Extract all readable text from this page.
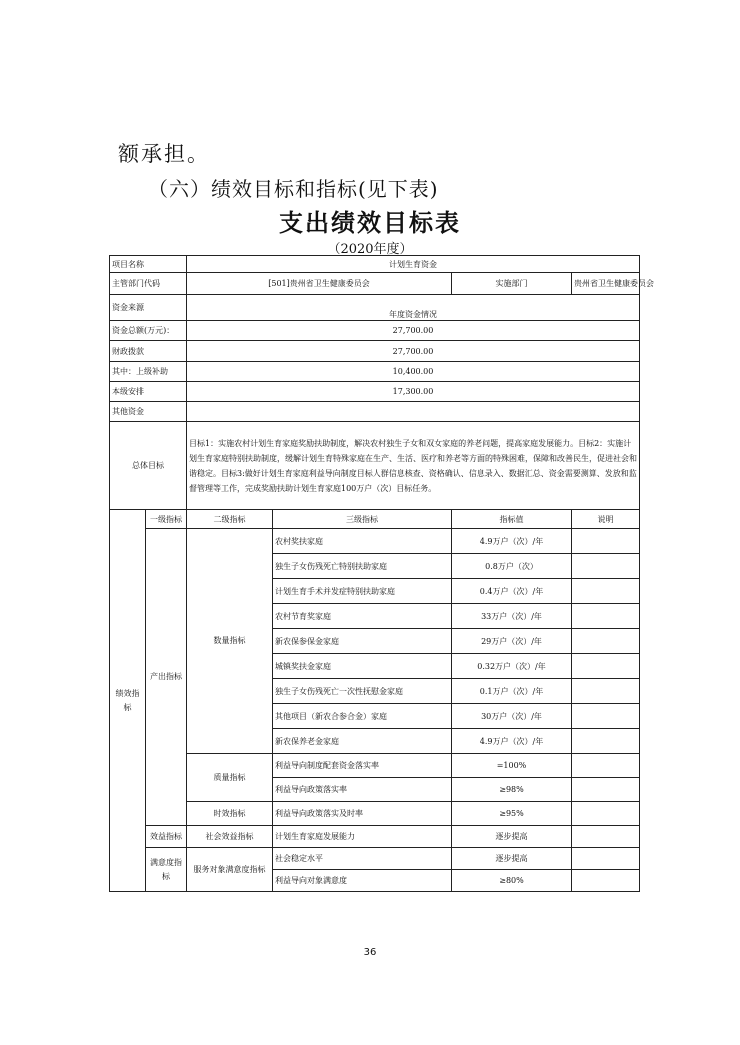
额承担。
（六）绩效目标和指标(见下表)
支出绩效目标表
（2020年度）
项目名称		计划生育资金			
主管部门代码		[501]贵州省卫生健康委员会		实施部门	贵州省卫生健康委员会
资金来源		年度资金情况			
资金总额(万元)：		27,700.00			
财政拨款		27,700.00			
其中：上级补助		10,400.00			
本级安排		17,300.00			
其他资金					
总体目标		目标1：实施农村计划生育家庭奖励扶助制度，解决农村独生子女和双女家庭的养老问题，提高家庭发展能力。目标2：实施计划生育家庭特别扶助制度，缓解计划生育特殊家庭在生产、生活、医疗和养老等方面的特殊困难，保障和改善民生，促进社会和谐稳定。目标3:做好计划生育家庭利益导向制度目标人群信息核查、资格确认、信息录入、数据汇总、资金需要测算、发放和监督管理等工作，完成奖励扶助计划生育家庭100万户（次）目标任务。			
绩效指标	一级指标	二级指标	三级指标	指标值	说明
	产出指标	数量指标	农村奖扶家庭	4.9万户（次）/年	
			独生子女伤残死亡特别扶助家庭	0.8万户（次）	
			计划生育手术并发症特别扶助家庭	0.4万户（次）/年	
			农村节育奖家庭	33万户（次）/年	
			新农保参保金家庭	29万户（次）/年	
			城镇奖扶金家庭	0.32万户（次）/年	
			独生子女伤残死亡一次性抚慰金家庭	0.1万户（次）/年	
			其他项目（新农合参合金）家庭	30万户（次）/年	
			新农保养老金家庭	4.9万户（次）/年	
		质量指标	利益导向制度配套资金落实率	=100%	
			利益导向政策落实率	≥98%	
		时效指标	利益导向政策落实及时率	≥95%	
	效益指标	社会效益指标	计划生育家庭发展能力	逐步提高	
	满意度指标	服务对象满意度指标	社会稳定水平	逐步提高	
			利益导向对象满意度	≥80%	
36
